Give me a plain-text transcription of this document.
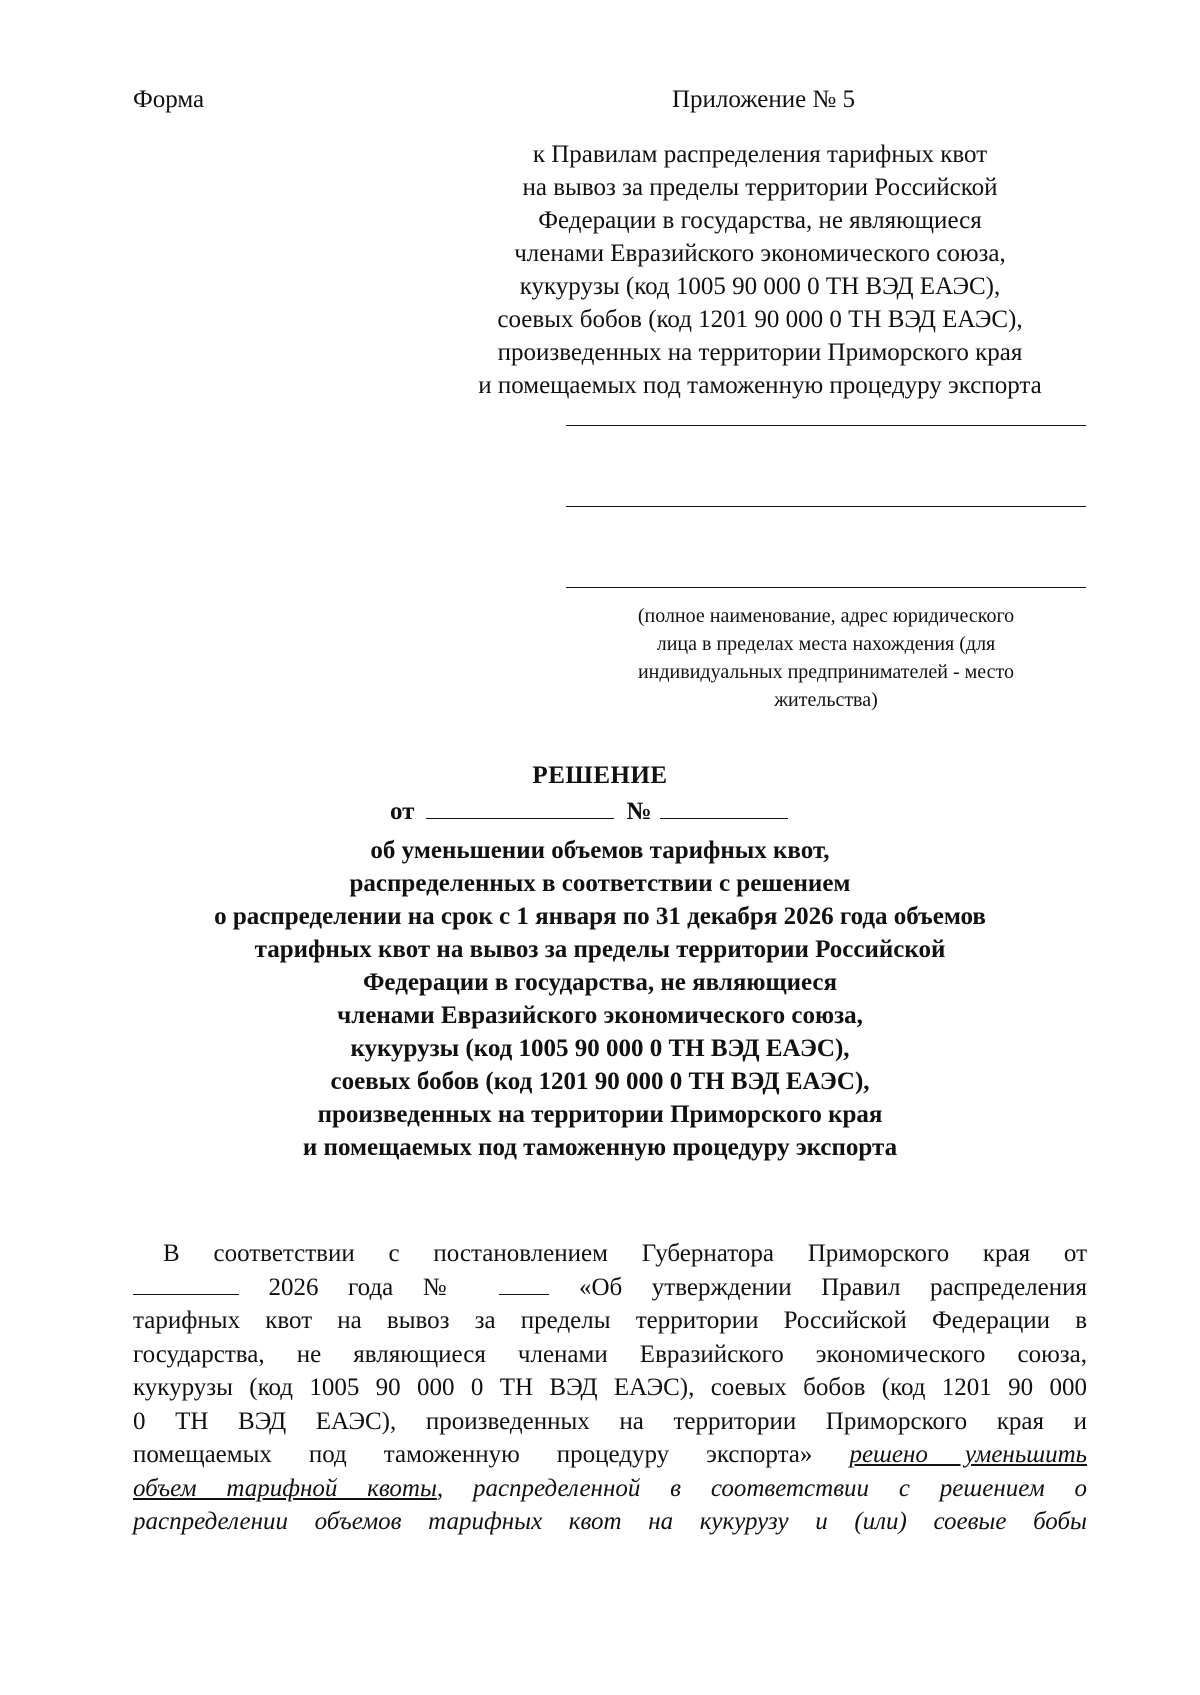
Форма	Приложение № 5
к Правилам распределения тарифных квот
на вывоз за пределы территории Российской
Федерации в государства, не являющиеся
членами Евразийского экономического союза,
кукурузы (код 1005 90 000 0 ТН ВЭД ЕАЭС),
соевых бобов (код 1201 90 000 0 ТН ВЭД ЕАЭС),
произведенных на территории Приморского края
и помещаемых под таможенную процедуру экспорта
(полное наименование, адрес юридического
лица в пределах места нахождения (для
индивидуальных предпринимателей - место
жительства)
РЕШЕНИЕ
от	№
об уменьшении объемов тарифных квот,
распределенных в соответствии с решением
о распределении на срок с 1 января по 31 декабря 2026 года объемов
тарифных квот на вывоз за пределы территории Российской
Федерации в государства, не являющиеся
членами Евразийского экономического союза,
кукурузы (код 1005 90 000 0 ТН ВЭД ЕАЭС),
соевых бобов (код 1201 90 000 0 ТН ВЭД ЕАЭС),
произведенных на территории Приморского края
и помещаемых под таможенную процедуру экспорта
В соответствии с постановлением Губернатора Приморского края от
2026 года №	«Об утверждении Правил распределения
тарифных квот на вывоз за пределы территории Российской Федерации в
государства, не являющиеся членами Евразийского экономического союза,
кукурузы (код 1005 90 000 0 ТН ВЭД ЕАЭС), соевых бобов (код 1201 90 000
0 ТН ВЭД ЕАЭС), произведенных на территории Приморского края и
помещаемых под таможенную процедуру экспорта» решено уменьшить
объем тарифной квоты, распределенной в соответствии с решением о
распределении объемов тарифных квот на кукурузу и (или) соевые бобы
